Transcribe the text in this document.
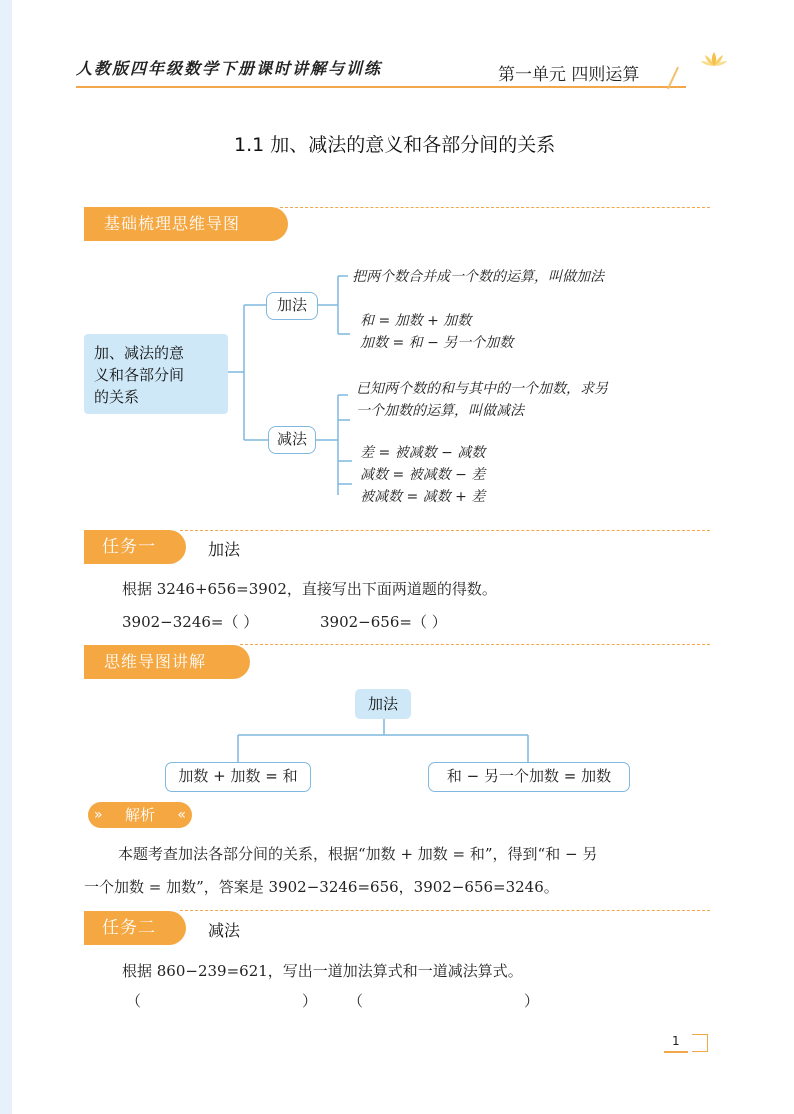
人教版四年级数学下册课时讲解与训练	第一单元 四则运算
1.1 加、减法的意义和各部分间的关系
基础梳理思维导图
加、减法的意
义和各部分间
的关系
加法
减法
把两个数合并成一个数的运算，叫做加法
和 = 加数 + 加数
加数 = 和 − 另一个加数
已知两个数的和与其中的一个加数，求另
一个加数的运算，叫做减法
差 = 被减数 − 减数
减数 = 被减数 − 差
被减数 = 减数 + 差
任务一	加法
根据 3246+656=3902，直接写出下面两道题的得数。
3902−3246=（ ）	3902−656=（ ）
思维导图讲解
加法
加数 + 加数 = 和	和 − 另一个加数 = 加数
» 解析 «
本题考查加法各部分间的关系，根据“加数 + 加数 = 和”，得到“和 − 另
一个加数 = 加数”，答案是 3902−3246=656，3902−656=3246。
任务二	减法
根据 860−239=621，写出一道加法算式和一道减法算式。
（	） （	）
1
